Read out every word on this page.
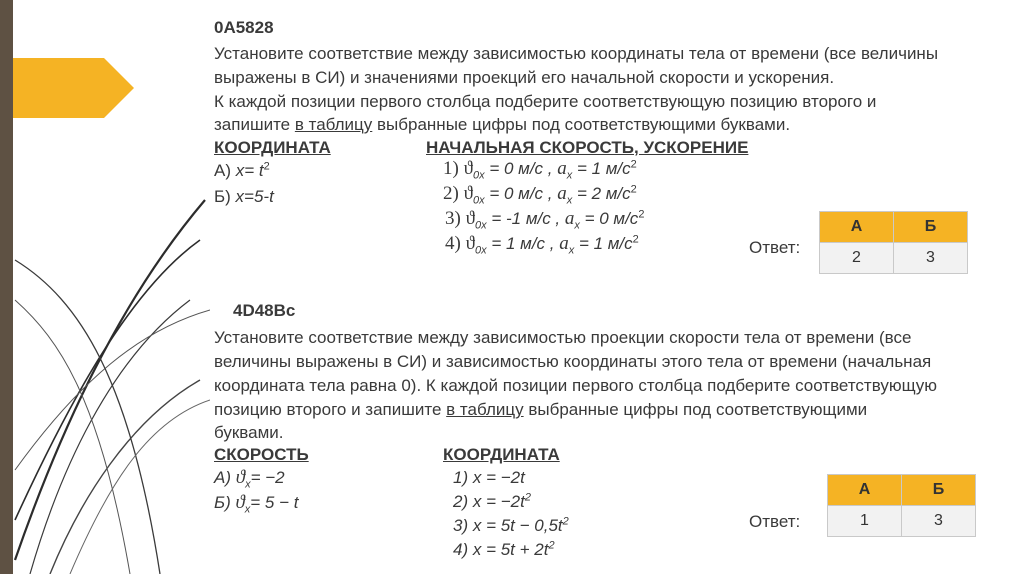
0A5828
Установите соответствие между зависимостью координаты тела от времени (все величины
выражены в СИ) и значениями проекций его начальной скорости и ускорения.
К каждой позиции первого столбца подберите соответствующую позицию второго и
запишите в таблицу выбранные цифры под соответствующими буквами.
КООРДИНАТА	НАЧАЛЬНАЯ СКОРОСТЬ, УСКОРЕНИЕ
А) $x= t^2$
Б) x=5-t
1) $ϑ_{0x} = 0$ м/с , $a_x = 1$ $м/с^2$
2) $ϑ_{0x} = 0$ м/с , $a_x = 2$ $м/с^2$
3) $ϑ_{0x} = -1$ м/с , $a_x = 0$ $м/с^2$
4) $ϑ_{0x} = 1$ м/с , $a_x = 1$ $м/с^2$	Ответ:
А	Б
2	3
4D48Bc
Установите соответствие между зависимостью проекции скорости тела от времени (все
величины выражены в СИ) и зависимостью координаты этого тела от времени (начальная
координата тела равна 0). К каждой позиции первого столбца подберите соответствующую
позицию второго и запишите в таблицу выбранные цифры под соответствующими
буквами.
СКОРОСТЬ	КООРДИНАТА
А) $ϑ_x= -2$
Б) $ϑ_x= 5 - t$
1) x = −2t
2) $x = -2t^2$
3) $x = 5t - 0,5t^2$
4) $x = 5t + 2t^2$
Ответ:
А	Б
1	3
